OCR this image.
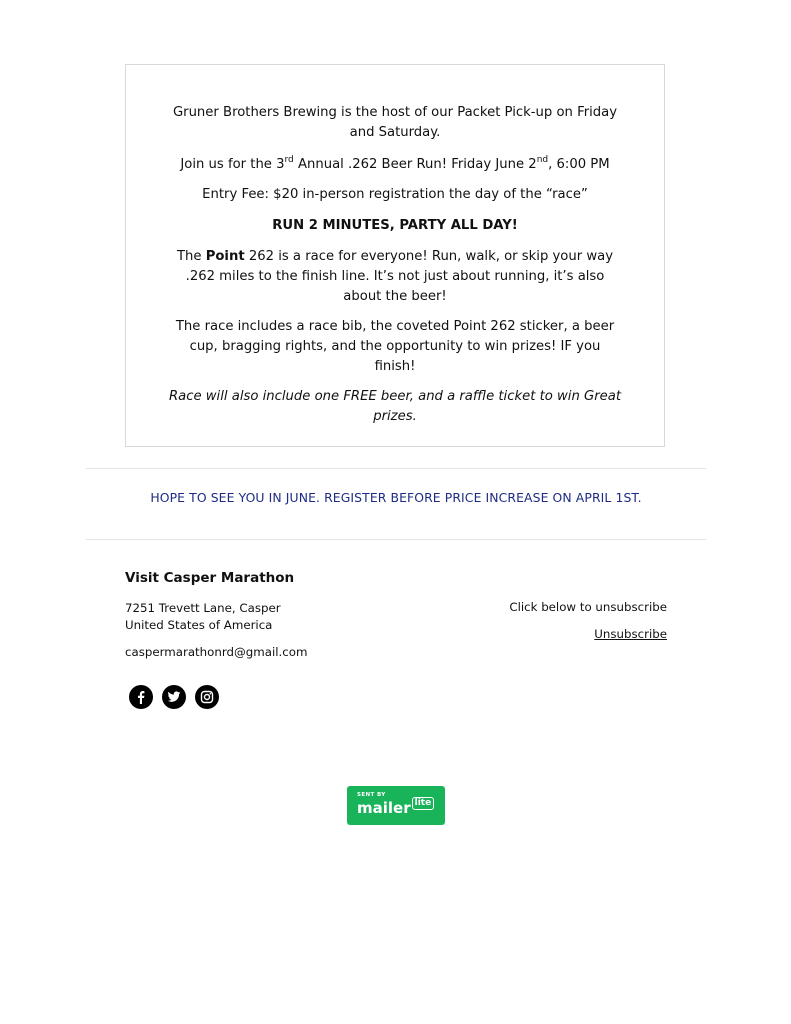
Gruner Brothers Brewing is the host of our Packet Pick-up on Friday and Saturday.

Join us for the 3rd Annual .262 Beer Run! Friday June 2nd, 6:00 PM

Entry Fee: $20 in-person registration the day of the “race”

RUN 2 MINUTES, PARTY ALL DAY!

The Point 262 is a race for everyone! Run, walk, or skip your way .262 miles to the finish line. It’s not just about running, it’s also about the beer!

The race includes a race bib, the coveted Point 262 sticker, a beer cup, bragging rights, and the opportunity to win prizes! IF you finish!

Race will also include one FREE beer, and a raffle ticket to win Great prizes.

HOPE TO SEE YOU IN JUNE. REGISTER BEFORE PRICE INCREASE ON APRIL 1ST.
Visit Casper Marathon
7251 Trevett Lane, Casper
United States of America
caspermarathonrd@gmail.com
Click below to unsubscribe
Unsubscribe
SENT BY
mailer lite
